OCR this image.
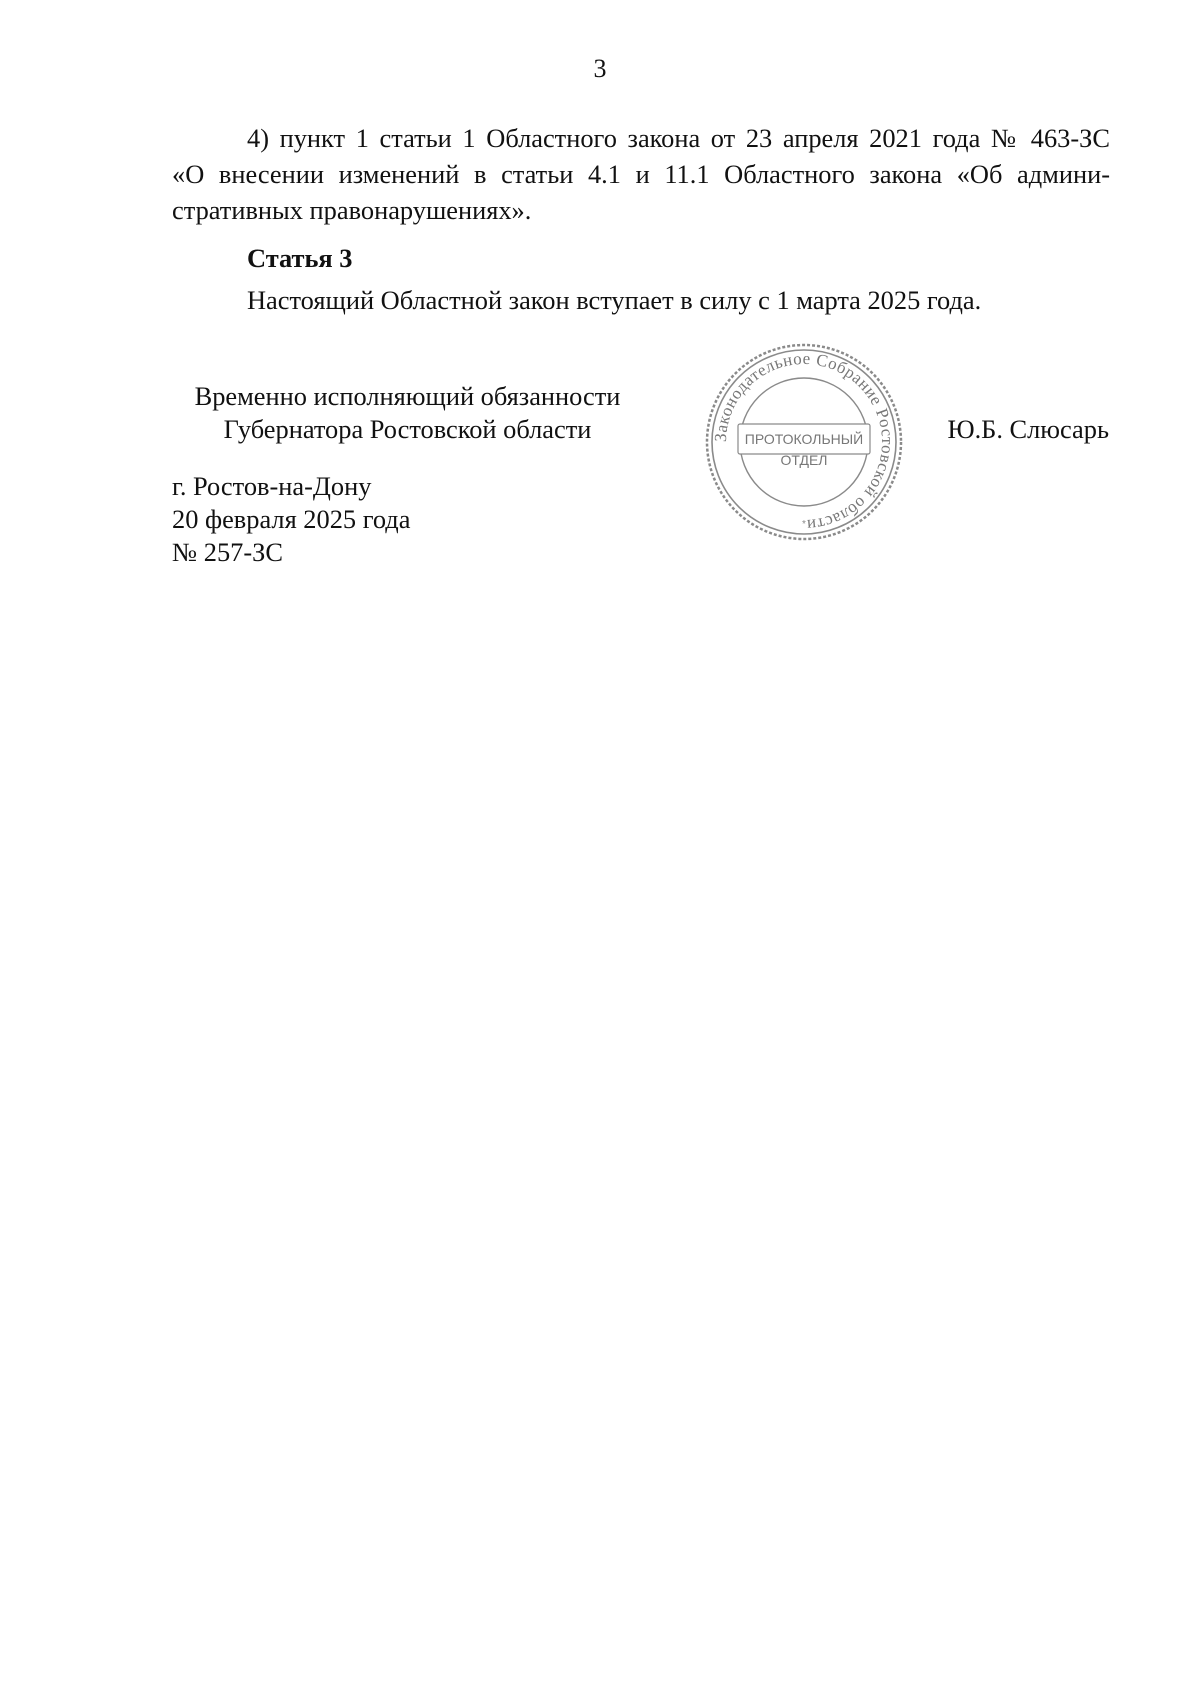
3
4) пункт 1 статьи 1 Областного закона от 23 апреля 2021 года № 463-ЗС
«О внесении изменений в статьи 4.1 и 11.1 Областного закона «Об админи-
стративных правонарушениях».
Статья 3
Настоящий Областной закон вступает в силу с 1 марта 2025 года.
Временно исполняющий обязанности
Губернатора Ростовской области	Ю.Б. Слюсарь
Законодательное Собрание Ростовской области
ПРОТОКОЛЬНЫЙ
ОТДЕЛ
*
г. Ростов-на-Дону
20 февраля 2025 года
№ 257-ЗС
